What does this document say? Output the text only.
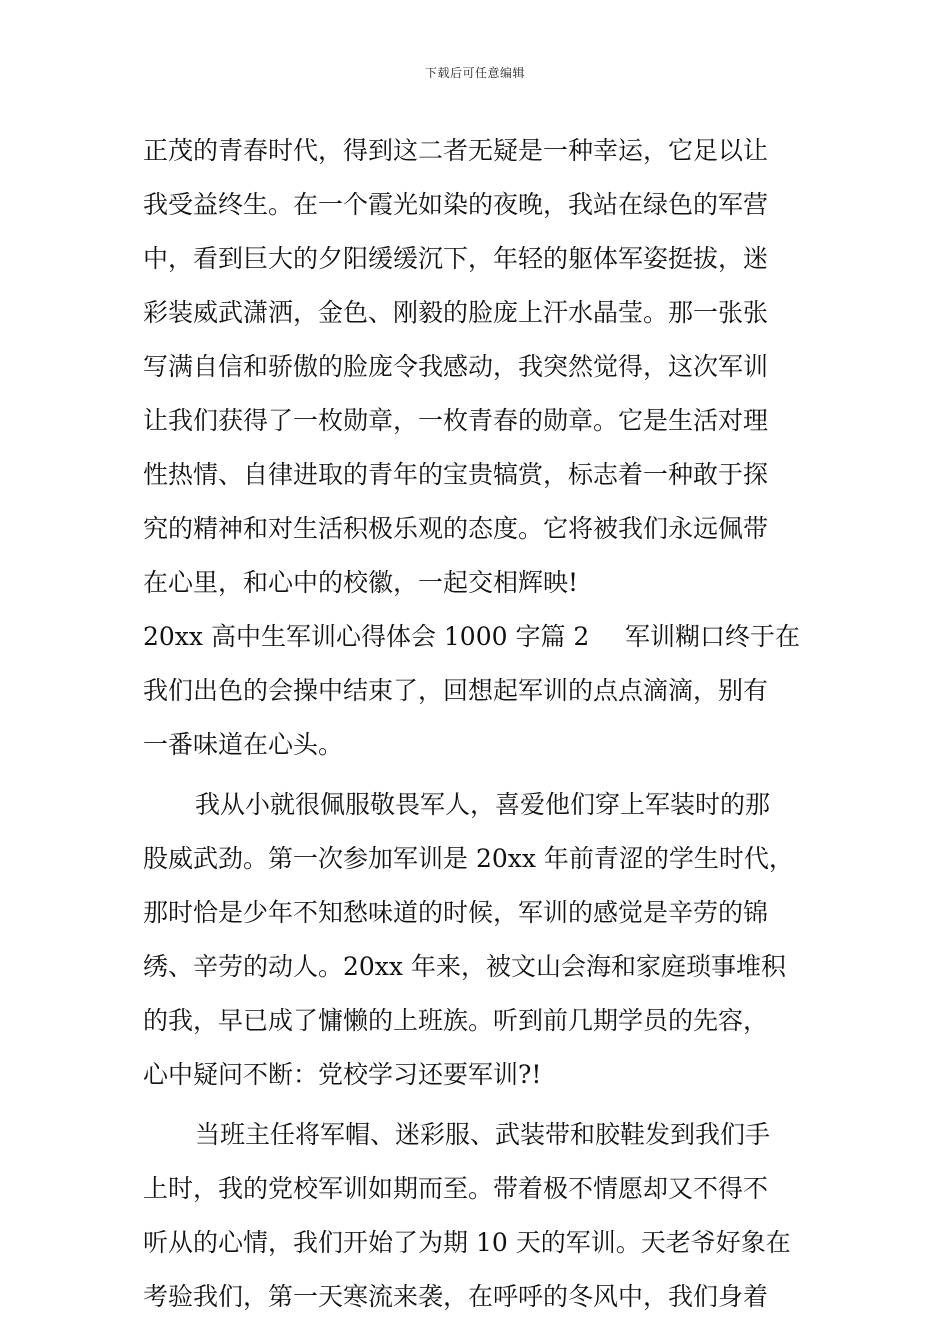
下载后可任意编辑
正茂的青春时代，得到这二者无疑是一种幸运，它足以让
我受益终生。在一个霞光如染的夜晚，我站在绿色的军营
中，看到巨大的夕阳缓缓沉下，年轻的躯体军姿挺拔，迷
彩装威武潇洒，金色、刚毅的脸庞上汗水晶莹。那一张张
写满自信和骄傲的脸庞令我感动，我突然觉得，这次军训
让我们获得了一枚勋章，一枚青春的勋章。它是生活对理
性热情、自律进取的青年的宝贵犒赏，标志着一种敢于探
究的精神和对生活积极乐观的态度。它将被我们永远佩带
在心里，和心中的校徽，一起交相辉映!
20xx 高中生军训心得体会 1000 字篇 2	军训糊口终于在
我们出色的会操中结束了，回想起军训的点点滴滴，别有
一番味道在心头。
我从小就很佩服敬畏军人，喜爱他们穿上军装时的那
股威武劲。第一次参加军训是 20xx 年前青涩的学生时代，
那时恰是少年不知愁味道的时候，军训的感觉是辛劳的锦
绣、辛劳的动人。20xx 年来，被文山会海和家庭琐事堆积
的我，早已成了慵懒的上班族。听到前几期学员的先容，
心中疑问不断：党校学习还要军训?!
当班主任将军帽、迷彩服、武装带和胶鞋发到我们手
上时，我的党校军训如期而至。带着极不情愿却又不得不
听从的心情，我们开始了为期 10 天的军训。天老爷好象在
考验我们，第一天寒流来袭，在呼呼的冬风中，我们身着
